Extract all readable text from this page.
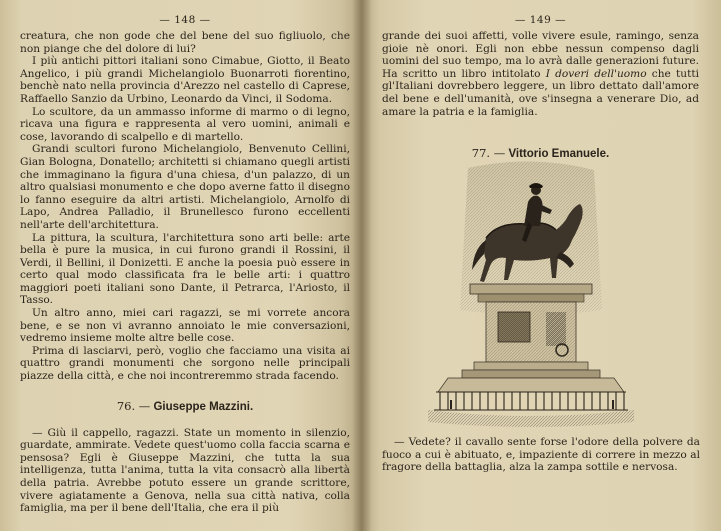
— 148 —

creatura, che non gode che del bene del suo figliuolo, che non piange che del dolore di lui?

I più antichi pittori italiani sono Cimabue, Giotto, il Beato Angelico, i più grandi Michelangiolo Buonarroti fiorentino, benchè nato nella provincia d'Arezzo nel castello di Caprese, Raffaello Sanzio da Urbino, Leonardo da Vinci, il Sodoma.

Lo scultore, da un ammasso informe di marmo o di legno, ricava una figura e rappresenta al vero uomini, animali e cose, lavorando di scalpello e di martello.

Grandi scultori furono Michelangiolo, Benvenuto Cellini, Gian Bologna, Donatello; architetti si chiamano quegli artisti che immaginano la figura d'una chiesa, d'un palazzo, di un altro qualsiasi monumento e che dopo averne fatto il disegno lo fanno eseguire da altri artisti. Michelangiolo, Arnolfo di Lapo, Andrea Palladio, il Brunellesco furono eccellenti nell'arte dell'architettura.

La pittura, la scultura, l'architettura sono arti belle: arte bella è pure la musica, in cui furono grandi il Rossini, il Verdi, il Bellini, il Donizetti. E anche la poesia può essere in certo qual modo classificata fra le belle arti: i quattro maggiori poeti italiani sono Dante, il Petrarca, l'Ariosto, il Tasso.

Un altro anno, miei cari ragazzi, se mi vorrete ancora bene, e se non vi avranno annoiato le mie conversazioni, vedremo insieme molte altre belle cose.

Prima di lasciarvi, però, voglio che facciamo una visita ai quattro grandi monumenti che sorgono nelle principali piazze della città, e che noi incontreremmo strada facendo.

76. — Giuseppe Mazzini.

— Giù il cappello, ragazzi. State un momento in silenzio, guardate, ammirate. Vedete quest'uomo colla faccia scarna e pensosa? Egli è Giuseppe Mazzini, che tutta la sua intelligenza, tutta l'anima, tutta la vita consacrò alla libertà della patria. Avrebbe potuto essere un grande scrittore, vivere agiatamente a Genova, nella sua città nativa, colla famiglia, ma per il bene dell'Italia, che era il più

— 149 —

grande dei suoi affetti, volle vivere esule, ramingo, senza gioie nè onori. Egli non ebbe nessun compenso dagli uomini del suo tempo, ma lo avrà dalle generazioni future. Ha scritto un libro intitolato I doveri dell'uomo che tutti gl'Italiani dovrebbero leggere, un libro dettato dall'amore del bene e dell'umanità, ove s'insegna a venerare Dio, ad amare la patria e la famiglia.

77. — Vittorio Emanuele.

— Vedete? il cavallo sente forse l'odore della polvere da fuoco a cui è abituato, e, impaziente di correre in mezzo al fragore della battaglia, alza la zampa sottile e nervosa.
